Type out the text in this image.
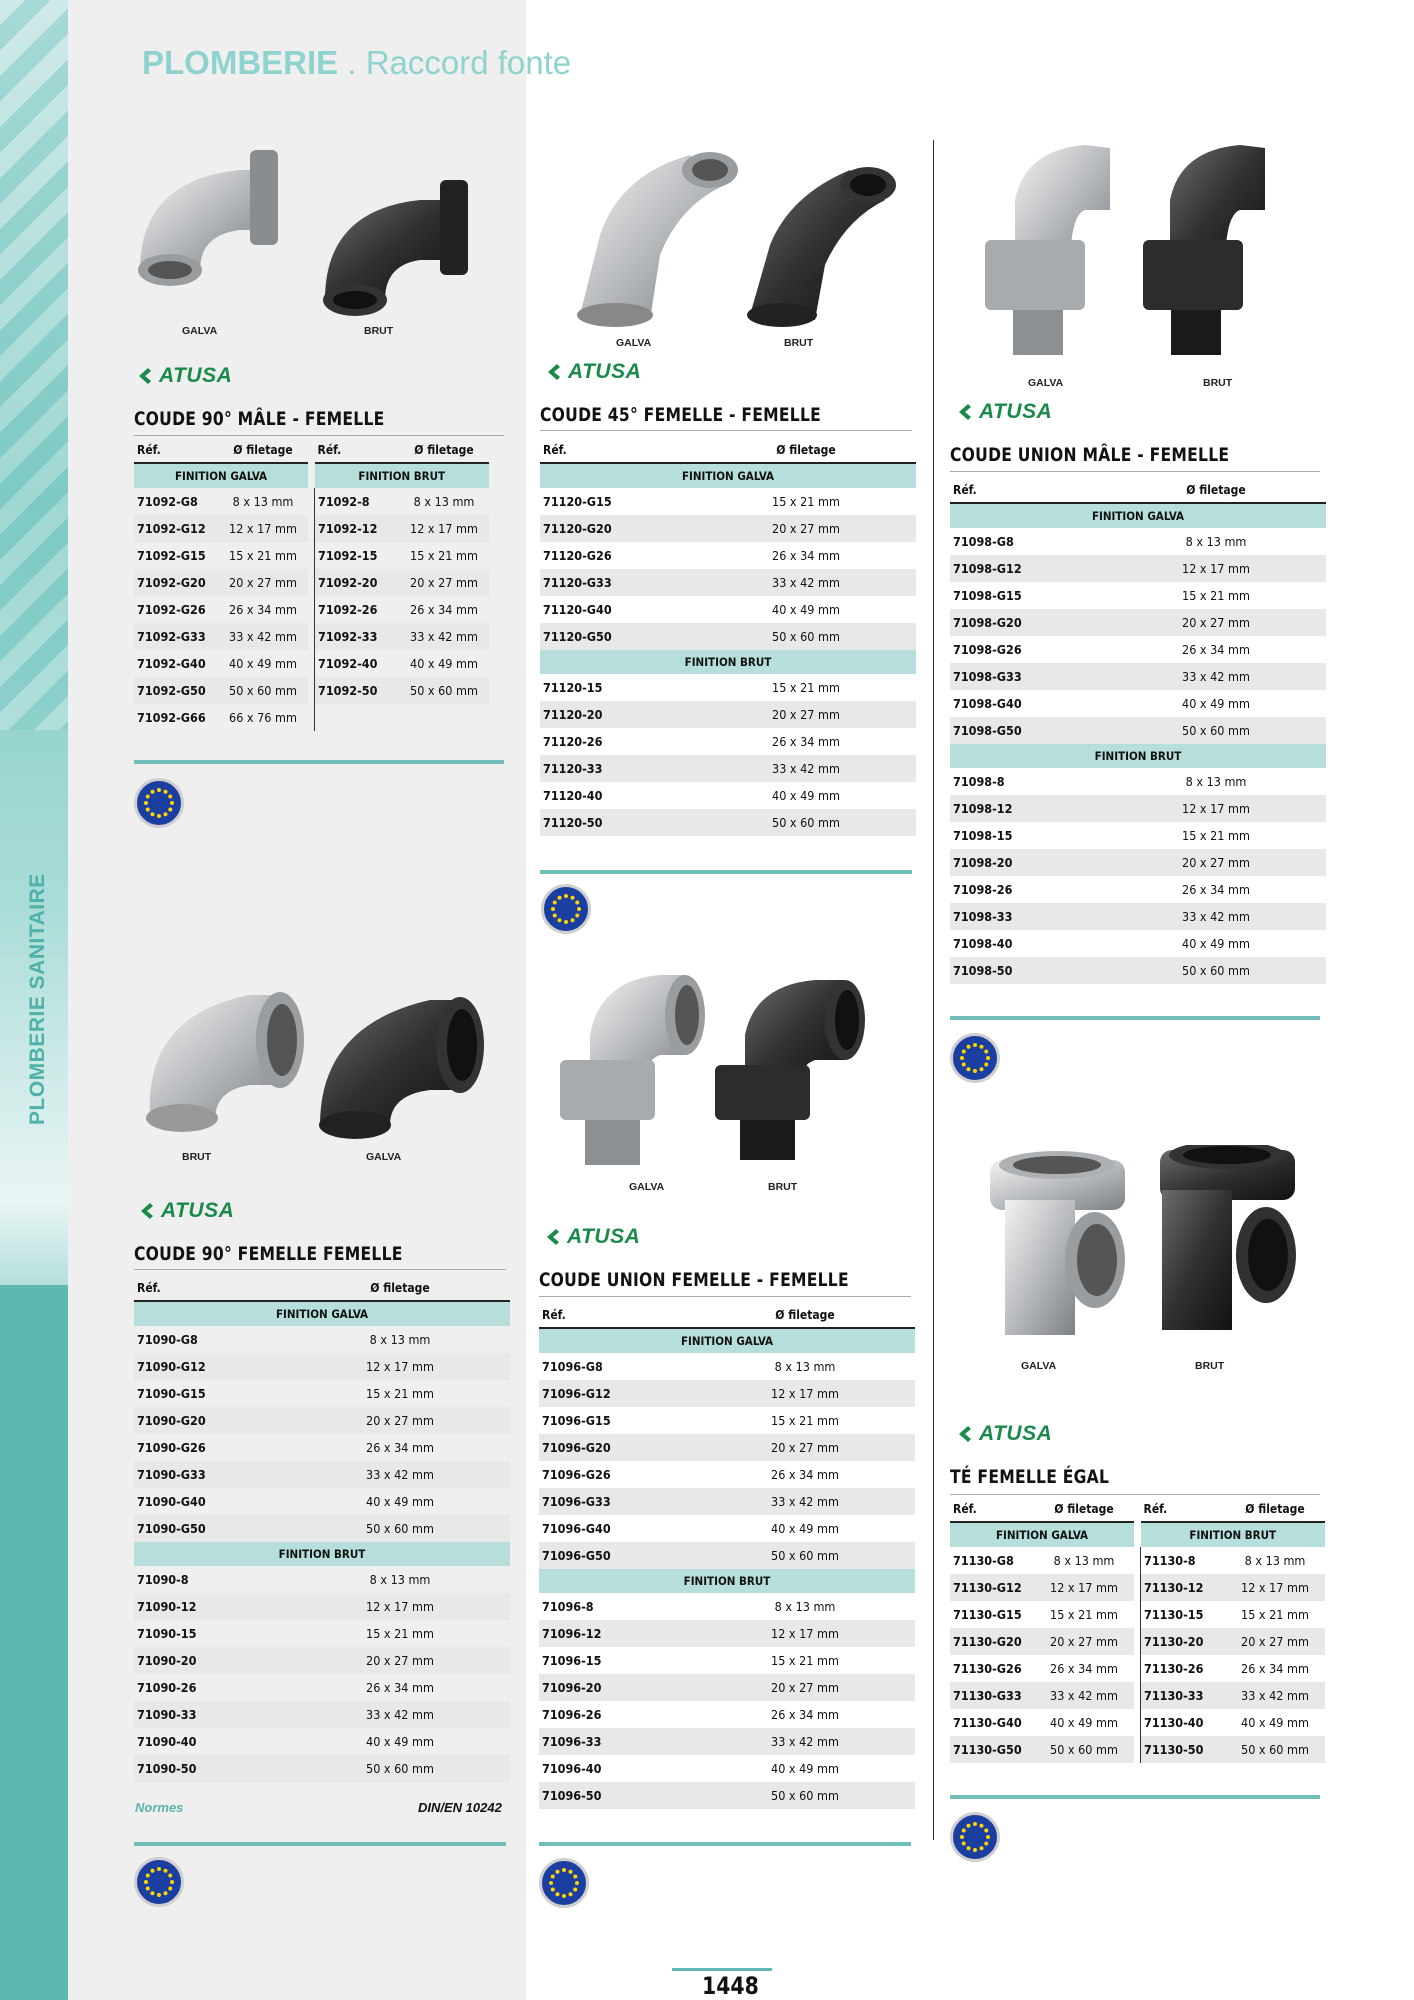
PLOMBERIE SANITAIRE
PLOMBERIE . Raccord fonte
GALVA	BRUT
ATUSA
COUDE 90° MÂLE - FEMELLE
Réf.	Ø filetage		Réf.	Ø filetage
FINITION GALVA			FINITION BRUT	
71092-G8	8 x 13 mm		71092-8	8 x 13 mm
71092-G12	12 x 17 mm		71092-12	12 x 17 mm
71092-G15	15 x 21 mm		71092-15	15 x 21 mm
71092-G20	20 x 27 mm		71092-20	20 x 27 mm
71092-G26	26 x 34 mm		71092-26	26 x 34 mm
71092-G33	33 x 42 mm		71092-33	33 x 42 mm
71092-G40	40 x 49 mm		71092-40	40 x 49 mm
71092-G50	50 x 60 mm		71092-50	50 x 60 mm
71092-G66	66 x 76 mm			
GALVA	BRUT
ATUSA
COUDE 45° FEMELLE - FEMELLE
Réf.	Ø filetage
FINITION GALVA	
71120-G15	15 x 21 mm
71120-G20	20 x 27 mm
71120-G26	26 x 34 mm
71120-G33	33 x 42 mm
71120-G40	40 x 49 mm
71120-G50	50 x 60 mm
FINITION BRUT	
71120-15	15 x 21 mm
71120-20	20 x 27 mm
71120-26	26 x 34 mm
71120-33	33 x 42 mm
71120-40	40 x 49 mm
71120-50	50 x 60 mm
GALVA	BRUT
ATUSA
COUDE UNION MÂLE - FEMELLE
Réf.	Ø filetage
FINITION GALVA	
71098-G8	8 x 13 mm
71098-G12	12 x 17 mm
71098-G15	15 x 21 mm
71098-G20	20 x 27 mm
71098-G26	26 x 34 mm
71098-G33	33 x 42 mm
71098-G40	40 x 49 mm
71098-G50	50 x 60 mm
FINITION BRUT	
71098-8	8 x 13 mm
71098-12	12 x 17 mm
71098-15	15 x 21 mm
71098-20	20 x 27 mm
71098-26	26 x 34 mm
71098-33	33 x 42 mm
71098-40	40 x 49 mm
71098-50	50 x 60 mm
BRUT	GALVA
ATUSA
COUDE 90° FEMELLE FEMELLE
Réf.	Ø filetage
FINITION GALVA	
71090-G8	8 x 13 mm
71090-G12	12 x 17 mm
71090-G15	15 x 21 mm
71090-G20	20 x 27 mm
71090-G26	26 x 34 mm
71090-G33	33 x 42 mm
71090-G40	40 x 49 mm
71090-G50	50 x 60 mm
FINITION BRUT	
71090-8	8 x 13 mm
71090-12	12 x 17 mm
71090-15	15 x 21 mm
71090-20	20 x 27 mm
71090-26	26 x 34 mm
71090-33	33 x 42 mm
71090-40	40 x 49 mm
71090-50	50 x 60 mm
Normes	DIN/EN 10242
GALVA	BRUT
ATUSA
COUDE UNION FEMELLE - FEMELLE
Réf.	Ø filetage
FINITION GALVA	
71096-G8	8 x 13 mm
71096-G12	12 x 17 mm
71096-G15	15 x 21 mm
71096-G20	20 x 27 mm
71096-G26	26 x 34 mm
71096-G33	33 x 42 mm
71096-G40	40 x 49 mm
71096-G50	50 x 60 mm
FINITION BRUT	
71096-8	8 x 13 mm
71096-12	12 x 17 mm
71096-15	15 x 21 mm
71096-20	20 x 27 mm
71096-26	26 x 34 mm
71096-33	33 x 42 mm
71096-40	40 x 49 mm
71096-50	50 x 60 mm
GALVA	BRUT
ATUSA
TÉ FEMELLE ÉGAL
Réf.	Ø filetage		Réf.	Ø filetage
FINITION GALVA			FINITION BRUT	
71130-G8	8 x 13 mm		71130-8	8 x 13 mm
71130-G12	12 x 17 mm		71130-12	12 x 17 mm
71130-G15	15 x 21 mm		71130-15	15 x 21 mm
71130-G20	20 x 27 mm		71130-20	20 x 27 mm
71130-G26	26 x 34 mm		71130-26	26 x 34 mm
71130-G33	33 x 42 mm		71130-33	33 x 42 mm
71130-G40	40 x 49 mm		71130-40	40 x 49 mm
71130-G50	50 x 60 mm		71130-50	50 x 60 mm
1448
